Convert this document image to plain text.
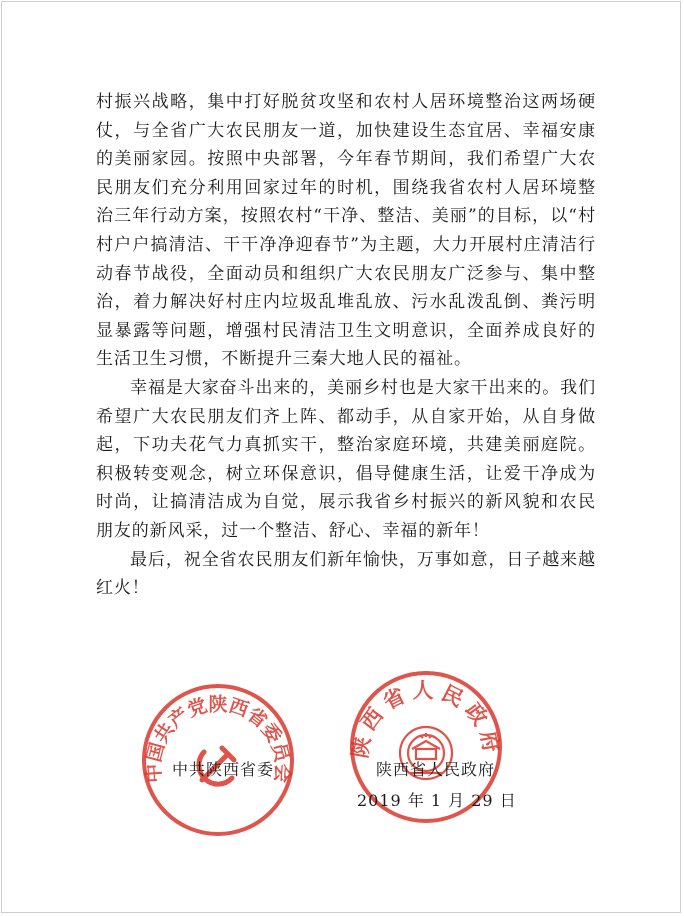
村振兴战略，集中打好脱贫攻坚和农村人居环境整治这两场硬仗，与全省广大农民朋友一道，加快建设生态宜居、幸福安康的美丽家园。按照中央部署，今年春节期间，我们希望广大农民朋友们充分利用回家过年的时机，围绕我省农村人居环境整治三年行动方案，按照农村“干净、整洁、美丽”的目标，以“村村户户搞清洁、干干净净迎春节”为主题，大力开展村庄清洁行动春节战役，全面动员和组织广大农民朋友广泛参与、集中整治，着力解决好村庄内垃圾乱堆乱放、污水乱泼乱倒、粪污明显暴露等问题，增强村民清洁卫生文明意识，全面养成良好的生活卫生习惯，不断提升三秦大地人民的福祉。

幸福是大家奋斗出来的，美丽乡村也是大家干出来的。我们希望广大农民朋友们齐上阵、都动手，从自家开始，从自身做起，下功夫花气力真抓实干，整治家庭环境，共建美丽庭院。积极转变观念，树立环保意识，倡导健康生活，让爱干净成为时尚，让搞清洁成为自觉，展示我省乡村振兴的新风貌和农民朋友的新风采，过一个整洁、舒心、幸福的新年！

最后，祝全省农民朋友们新年愉快，万事如意，日子越来越红火！

中国共产党陕西省委员会
陕西省人民政府
中共陕西省委	陕西省人民政府
2019 年 1 月 29 日
